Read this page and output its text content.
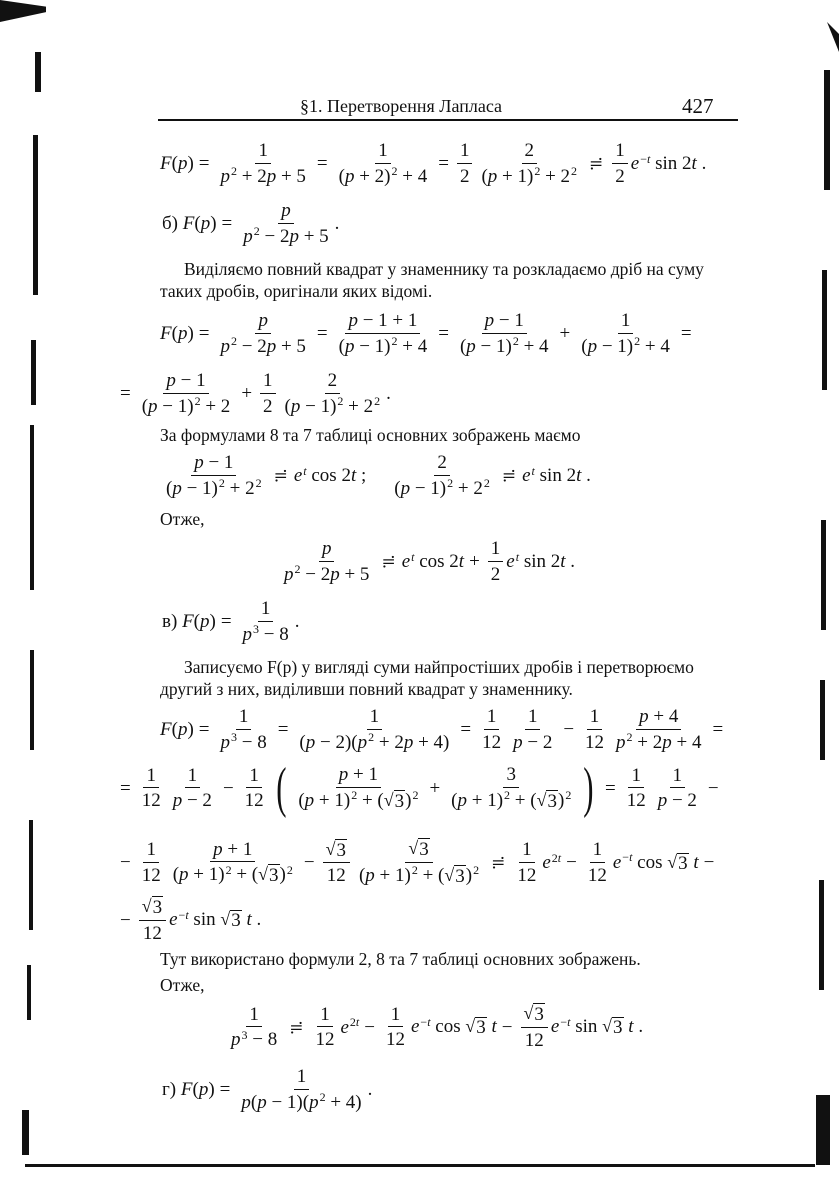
§1. Перетворення Лапласа	427
F ( p ) = $\frac{1}{p^2 + 2p + 5} = \frac{1}{(p + 2)^2 + 4} = \frac{1}{2} \frac{2}{(p + 1)^2 + 2^2}$ ≓ $\frac{1}{2} e^{-t}$ sin 2t .
б)
F ( p ) = $\frac{p}{p^2 - 2p + 5}$ .
Виділяємо повний квадрат у знаменнику та розкладаємо дріб на суму таких дробів, оригінали яких відомі.
F ( p ) = $\frac{p}{p^2 - 2p + 5} = \frac{p - 1 + 1}{(p - 1)^2 + 4} = \frac{p - 1}{(p - 1)^2 + 4} + \frac{1}{(p - 1)^2 + 4}$ =
= $\frac{p - 1}{(p - 1)^2 + 2} + \frac{1}{2} \frac{2}{(p - 1)^2 + 2^2}$ .
За формулами 8 та 7 таблиці основних зображень маємо
$\frac{p - 1}{(p - 1)^2 + 2^2}$ ≓ $e^t$ cos 2t ; $\frac{2}{(p - 1)^2 + 2^2}$ ≓ $e^t$ sin 2t .
Отже,
$\frac{p}{p^2 - 2p + 5}$ ≓ $e^t$ $\cos 2t + \frac{1}{2} e^t$ sin 2t .
в)
F ( p ) = $\frac{1}{p^3 - 8}$ .
Записуємо F(p) у вигляді суми найпростіших дробів і перетворюємо другий з них, виділивши повний квадрат у знаменнику.
F ( p ) = $\frac{1}{p^3 - 8} = \frac{1}{(p - 2)(p^2 + 2p + 4)} = \frac{1}{12} \frac{1}{p - 2} - \frac{1}{12} \frac{p + 4}{p^2 + 2p + 4}$ =
= $\frac{1}{12} \frac{1}{p - 2} - \frac{1}{12}$ ( $\frac{p + 1}{(p + 1)^2 + ( √ 3 )^2} + \frac{3}{(p + 1)^2 + ( √ 3 )^2}$ ) = $\frac{1}{12} \frac{1}{p - 2}$ −
− $\frac{1}{12} \frac{p + 1}{(p + 1)^2 + ( √ 3 )^2} - \frac{√ 3}{12} \frac{√ 3}{(p + 1)^2 + ( √ 3 )^2}$ ≓ $\frac{1}{12} e^{2t} - \frac{1}{12} e^{-t}$ cos √ 3 t −
− $\frac{√ 3}{12} e^{-t}$ sin √ 3 t .
Тут використано формули 2, 8 та 7 таблиці основних зображень.
Отже,
$\frac{1}{p^3 - 8}$ ≓ $\frac{1}{12} e^{2t} - \frac{1}{12} e^{-t}$ cos √ 3 $t - \frac{√ 3}{12} e^{-t}$ sin √ 3 t .
г)
F ( p ) = $\frac{1}{p(p - 1)(p^2 + 4)}$ .
